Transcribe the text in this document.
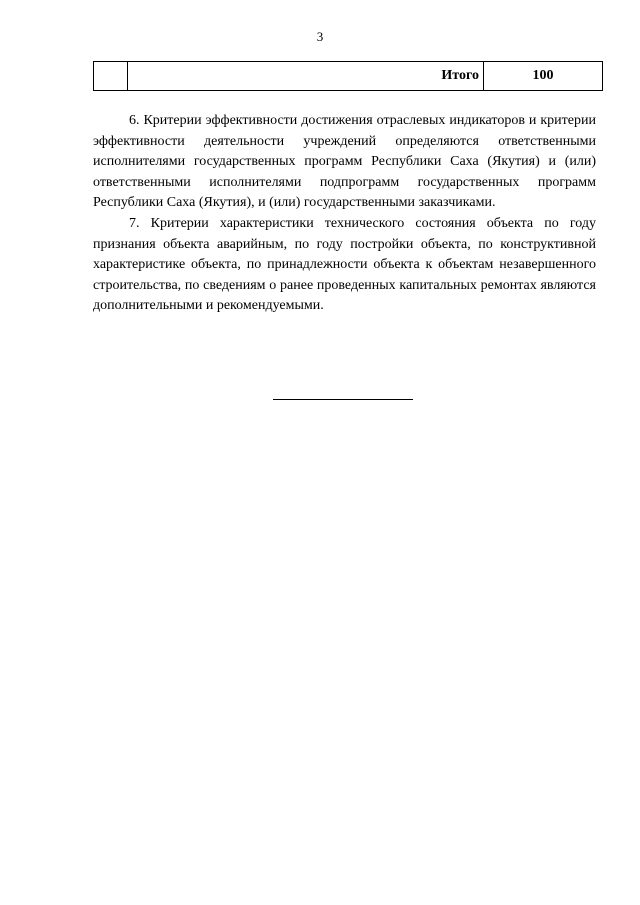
3
	Итого	100

6. Критерии эффективности достижения отраслевых индикаторов и критерии эффективности деятельности учреждений определяются ответственными исполнителями государственных программ Республики Саха (Якутия) и (или) ответственными исполнителями подпрограмм государственных программ Республики Саха (Якутия), и (или) государственными заказчиками.

7. Критерии характеристики технического состояния объекта по году признания объекта аварийным, по году постройки объекта, по конструктивной характеристике объекта, по принадлежности объекта к объектам незавершенного строительства, по сведениям о ранее проведенных капитальных ремонтах являются дополнительными и рекомендуемыми.
